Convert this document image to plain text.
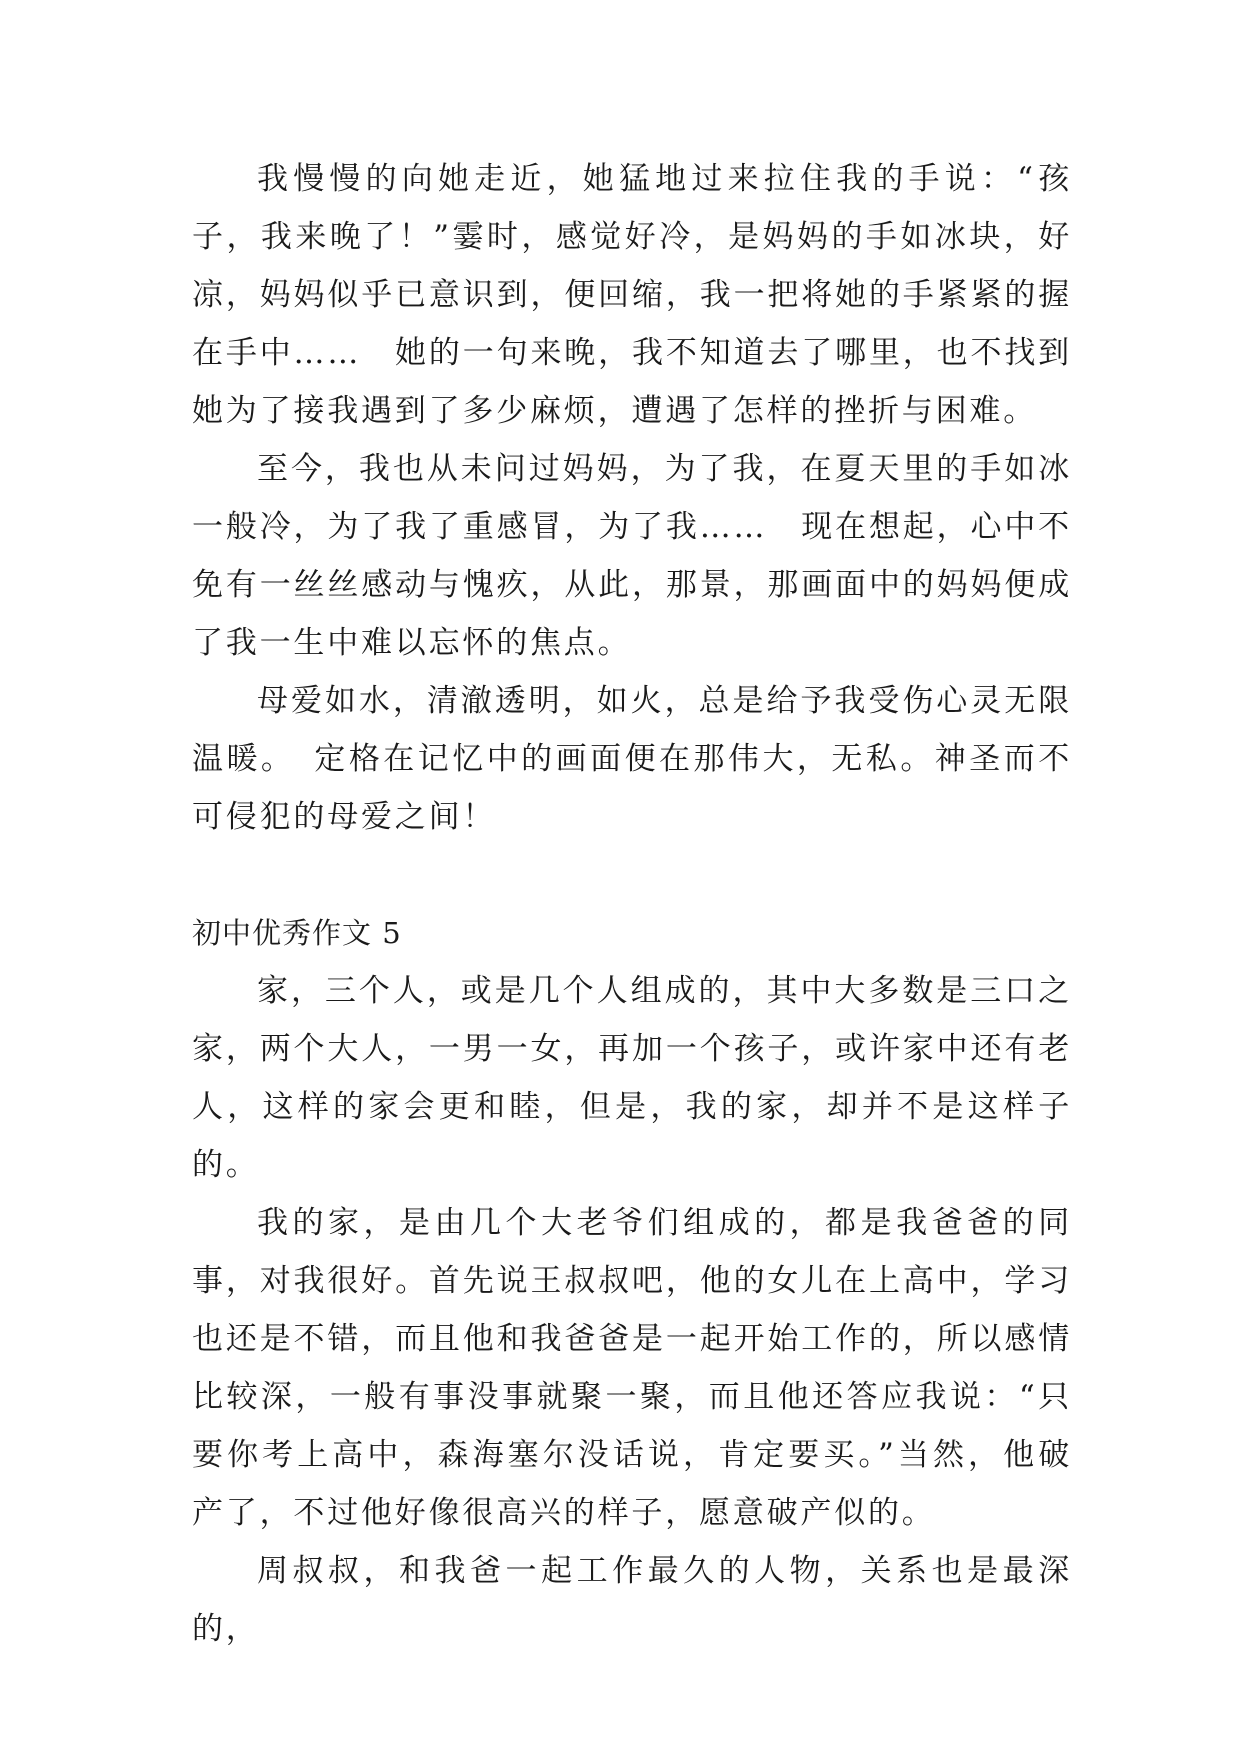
我慢慢的向她走近，她猛地过来拉住我的手说：“孩子，我来晚了！”霎时，感觉好冷，是妈妈的手如冰块，好凉，妈妈似乎已意识到，便回缩，我一把将她的手紧紧的握在手中……　她的一句来晚，我不知道去了哪里，也不找到她为了接我遇到了多少麻烦，遭遇了怎样的挫折与困难。

至今，我也从未问过妈妈，为了我，在夏天里的手如冰一般冷，为了我了重感冒，为了我……　现在想起，心中不免有一丝丝感动与愧疚，从此，那景，那画面中的妈妈便成了我一生中难以忘怀的焦点。

母爱如水，清澈透明，如火，总是给予我受伤心灵无限温暖。　定格在记忆中的画面便在那伟大，无私。神圣而不可侵犯的母爱之间！

初中优秀作文 5

家，三个人，或是几个人组成的，其中大多数是三口之家，两个大人，一男一女，再加一个孩子，或许家中还有老人，这样的家会更和睦，但是，我的家，却并不是这样子的。

我的家，是由几个大老爷们组成的，都是我爸爸的同事，对我很好。首先说王叔叔吧，他的女儿在上高中，学习也还是不错，而且他和我爸爸是一起开始工作的，所以感情比较深，一般有事没事就聚一聚，而且他还答应我说：“只要你考上高中，森海塞尔没话说，肯定要买。”当然，他破产了，不过他好像很高兴的样子，愿意破产似的。

周叔叔，和我爸一起工作最久的人物，关系也是最深的，
